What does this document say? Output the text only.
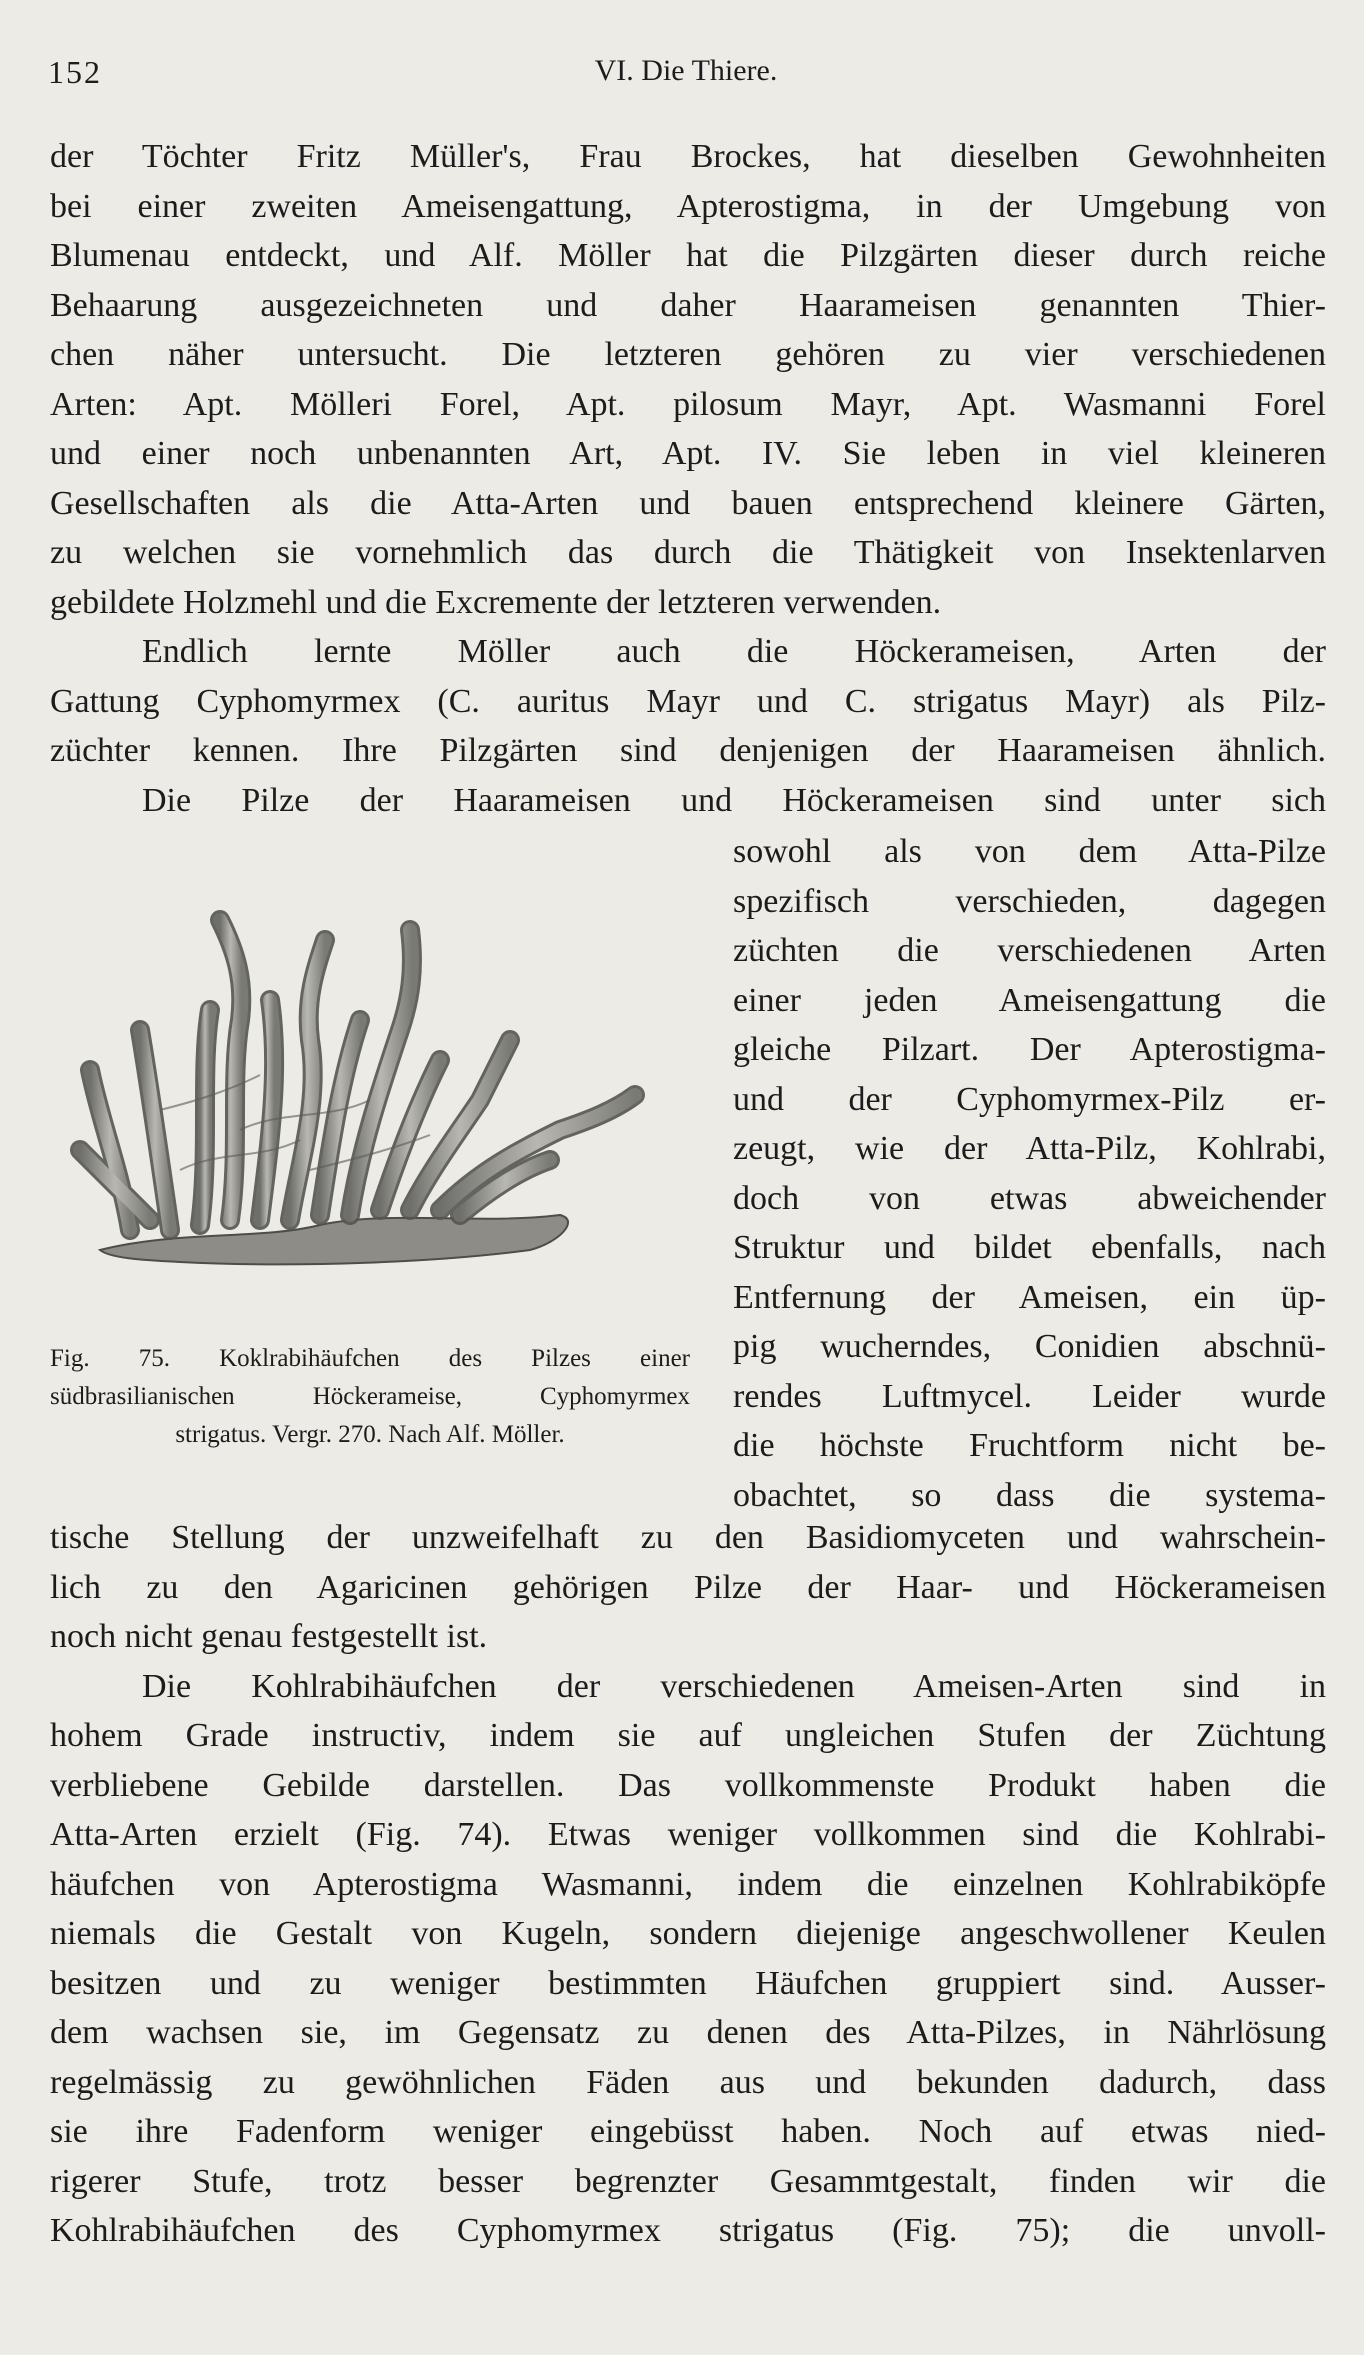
152	VI. Die Thiere.

der Töchter Fritz Müller's, Frau Brockes, hat dieselben Gewohnheiten

bei einer zweiten Ameisengattung, Apterostigma, in der Umgebung von

Blumenau entdeckt, und Alf. Möller hat die Pilzgärten dieser durch reiche

Behaarung ausgezeichneten und daher Haarameisen genannten Thier-

chen näher untersucht. Die letzteren gehören zu vier verschiedenen

Arten: Apt. Mölleri Forel, Apt. pilosum Mayr, Apt. Wasmanni Forel

und einer noch unbenannten Art, Apt. IV. Sie leben in viel kleineren

Gesellschaften als die Atta-Arten und bauen entsprechend kleinere Gärten,

zu welchen sie vornehmlich das durch die Thätigkeit von Insektenlarven

gebildete Holzmehl und die Excremente der letzteren verwenden.

Endlich lernte Möller auch die Höckerameisen, Arten der

Gattung Cyphomyrmex (C. auritus Mayr und C. strigatus Mayr) als Pilz-

züchter kennen. Ihre Pilzgärten sind denjenigen der Haarameisen ähnlich.

Die Pilze der Haarameisen und Höckerameisen sind unter sich

sowohl als von dem Atta-Pilze

spezifisch verschieden, dagegen

züchten die verschiedenen Arten

einer jeden Ameisengattung die

gleiche Pilzart. Der Apterostigma-

und der Cyphomyrmex-Pilz er-

zeugt, wie der Atta-Pilz, Kohlrabi,

doch von etwas abweichender

Struktur und bildet ebenfalls, nach

Entfernung der Ameisen, ein üp-

pig wucherndes, Conidien abschnü-

rendes Luftmycel. Leider wurde

die höchste Fruchtform nicht be-

obachtet, so dass die systema-

Fig. 75. Koklrabihäufchen des Pilzes einer
südbrasilianischen Höckerameise, Cyphomyrmex
strigatus. Vergr. 270. Nach Alf. Möller.

tische Stellung der unzweifelhaft zu den Basidiomyceten und wahrschein-

lich zu den Agaricinen gehörigen Pilze der Haar- und Höckerameisen

noch nicht genau festgestellt ist.

Die Kohlrabihäufchen der verschiedenen Ameisen-Arten sind in

hohem Grade instructiv, indem sie auf ungleichen Stufen der Züchtung

verbliebene Gebilde darstellen. Das vollkommenste Produkt haben die

Atta-Arten erzielt (Fig. 74). Etwas weniger vollkommen sind die Kohlrabi-

häufchen von Apterostigma Wasmanni, indem die einzelnen Kohlrabiköpfe

niemals die Gestalt von Kugeln, sondern diejenige angeschwollener Keulen

besitzen und zu weniger bestimmten Häufchen gruppiert sind. Ausser-

dem wachsen sie, im Gegensatz zu denen des Atta-Pilzes, in Nährlösung

regelmässig zu gewöhnlichen Fäden aus und bekunden dadurch, dass

sie ihre Fadenform weniger eingebüsst haben. Noch auf etwas nied-

rigerer Stufe, trotz besser begrenzter Gesammtgestalt, finden wir die

Kohlrabihäufchen des Cyphomyrmex strigatus (Fig. 75); die unvoll-
